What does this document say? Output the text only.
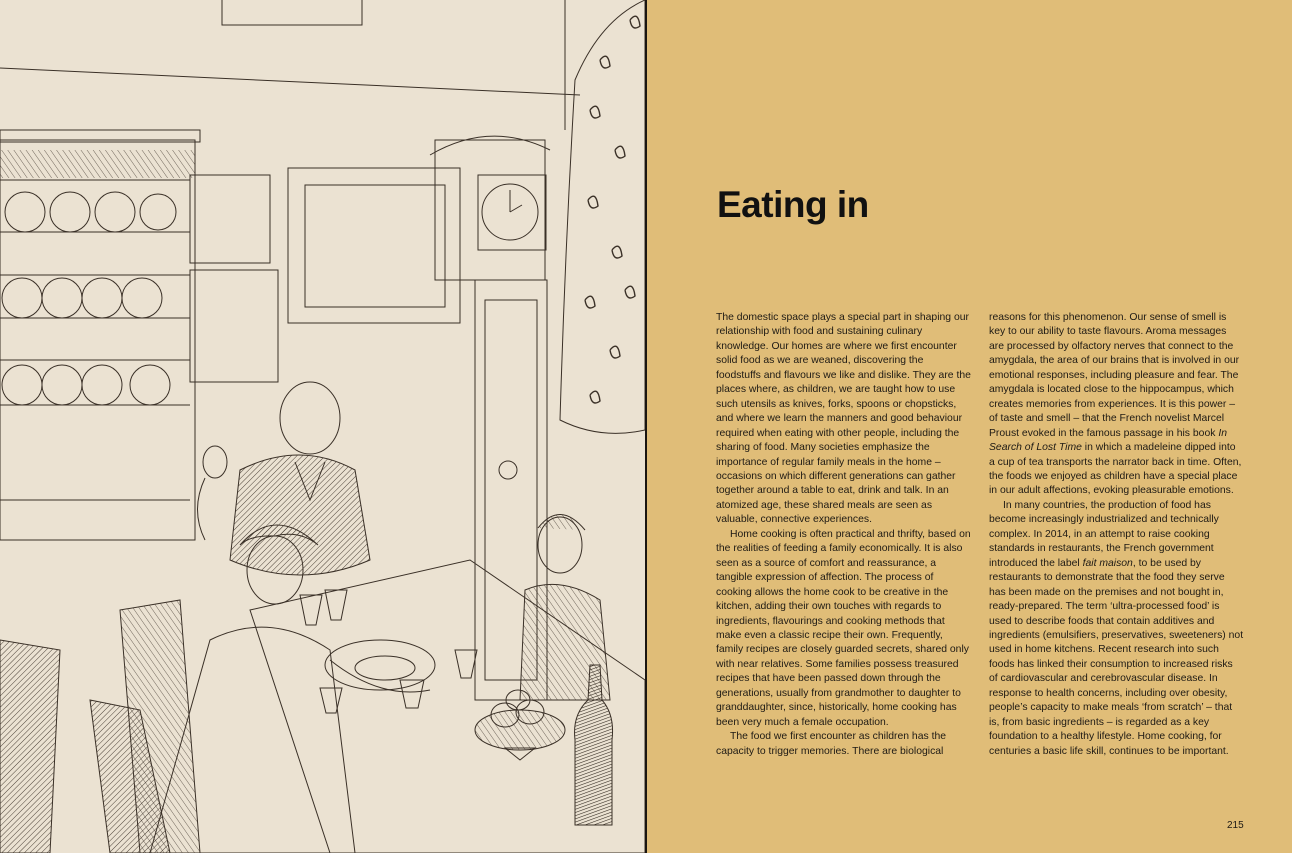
Eating in

The domestic space plays a special part in shaping our relationship with food and sustaining culinary knowledge. Our homes are where we first encounter solid food as we are weaned, discovering the foodstuffs and flavours we like and dislike. They are the places where, as children, we are taught how to use such utensils as knives, forks, spoons or chopsticks, and where we learn the manners and good behaviour required when eating with other people, including the sharing of food. Many societies emphasize the importance of regular family meals in the home – occasions on which different generations can gather together around a table to eat, drink and talk. In an atomized age, these shared meals are seen as valuable, connective experiences.

Home cooking is often practical and thrifty, based on the realities of feeding a family economically. It is also seen as a source of comfort and reassurance, a tangible expression of affection. The process of cooking allows the home cook to be creative in the kitchen, adding their own touches with regards to ingredients, flavourings and cooking methods that make even a classic recipe their own. Frequently, family recipes are closely guarded secrets, shared only with near relatives. Some families possess treasured recipes that have been passed down through the generations, usually from grandmother to daughter to granddaughter, since, historically, home cooking has been very much a female occupation.

The food we first encounter as children has the capacity to trigger memories. There are biological

reasons for this phenomenon. Our sense of smell is key to our ability to taste flavours. Aroma messages are processed by olfactory nerves that connect to the amygdala, the area of our brains that is involved in our emotional responses, including pleasure and fear. The amygdala is located close to the hippocampus, which creates memories from experiences. It is this power – of taste and smell – that the French novelist Marcel Proust evoked in the famous passage in his book In Search of Lost Time in which a madeleine dipped into a cup of tea transports the narrator back in time. Often, the foods we enjoyed as children have a special place in our adult affections, evoking pleasurable emotions.

In many countries, the production of food has become increasingly industrialized and technically complex. In 2014, in an attempt to raise cooking standards in restaurants, the French government introduced the label fait maison, to be used by restaurants to demonstrate that the food they serve has been made on the premises and not bought in, ready-prepared. The term ‘ultra-processed food’ is used to describe foods that contain additives and ingredients (emulsifiers, preservatives, sweeteners) not used in home kitchens. Recent research into such foods has linked their consumption to increased risks of cardiovascular and cerebrovascular disease. In response to health concerns, including over obesity, people’s capacity to make meals ‘from scratch’ – that is, from basic ingredients – is regarded as a key foundation to a healthy lifestyle. Home cooking, for centuries a basic life skill, continues to be important.

215
